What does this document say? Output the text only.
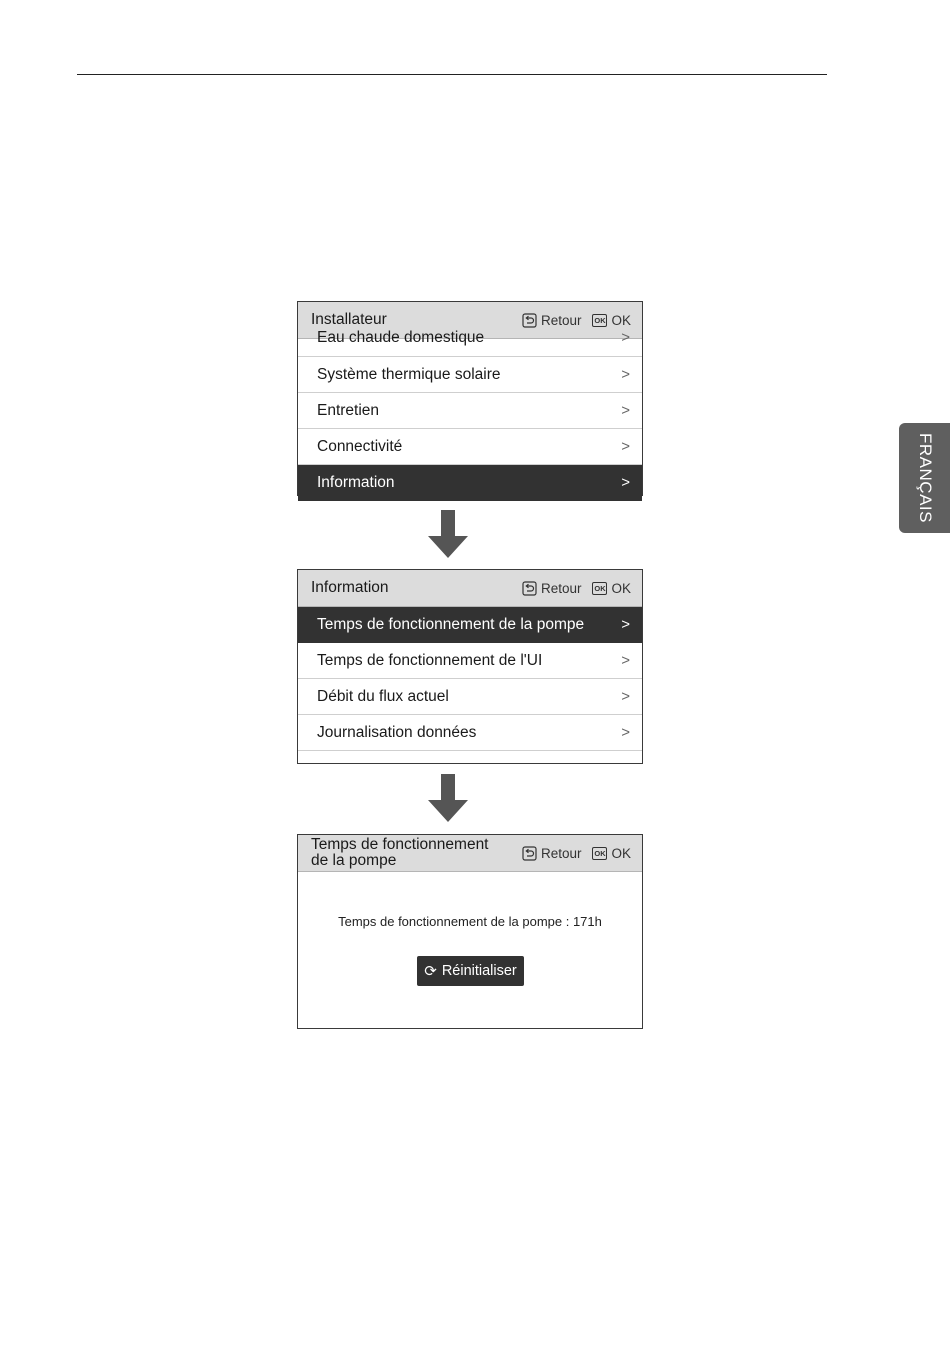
FRANÇAIS
Installateur	Retour OK OK
Eau chaude domestique	>
Système thermique solaire	>
Entretien	>
Connectivité	>
Information	>
Information	Retour OK OK
Temps de fonctionnement de la pompe >
Temps de fonctionnement de l'UI	>
Débit du flux actuel	>
Journalisation données	>
Temps de fonctionnement
de la pompe	Retour OK OK
Temps de fonctionnement de la pompe : 171h
⟳ Réinitialiser
